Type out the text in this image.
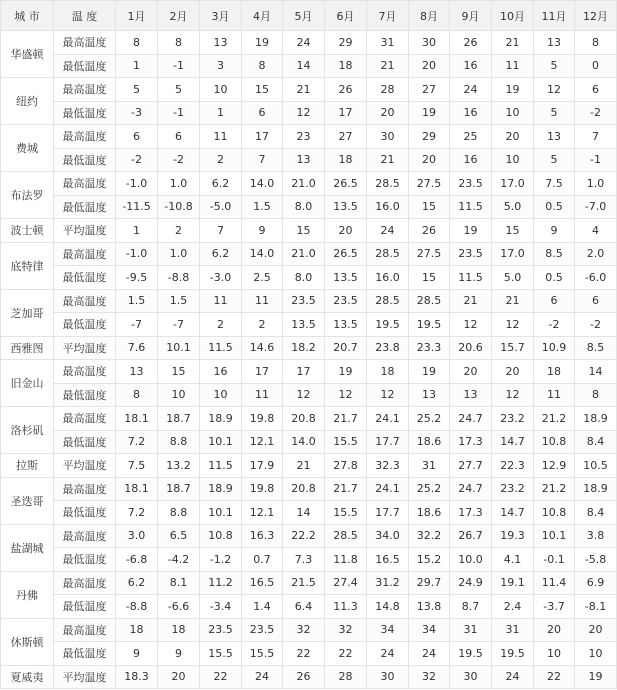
城 市	温 度	1月	2月	3月	4月	5月	6月	7月	8月	9月	10月	11月	12月
华盛顿	最高温度	8	8	13	19	24	29	31	30	26	21	13	8
	最低温度	1	-1	3	8	14	18	21	20	16	11	5	0
纽约	最高温度	5	5	10	15	21	26	28	27	24	19	12	6
	最低温度	-3	-1	1	6	12	17	20	19	16	10	5	-2
费城	最高温度	6	6	11	17	23	27	30	29	25	20	13	7
	最低温度	-2	-2	2	7	13	18	21	20	16	10	5	-1
布法罗	最高温度	-1.0	1.0	6.2	14.0	21.0	26.5	28.5	27.5	23.5	17.0	7.5	1.0
	最低温度	-11.5	-10.8	-5.0	1.5	8.0	13.5	16.0	15	11.5	5.0	0.5	-7.0
波士顿	平均温度	1	2	7	9	15	20	24	26	19	15	9	4
底特律	最高温度	-1.0	1.0	6.2	14.0	21.0	26.5	28.5	27.5	23.5	17.0	8.5	2.0
	最低温度	-9.5	-8.8	-3.0	2.5	8.0	13.5	16.0	15	11.5	5.0	0.5	-6.0
芝加哥	最高温度	1.5	1.5	11	11	23.5	23.5	28.5	28.5	21	21	6	6
	最低温度	-7	-7	2	2	13.5	13.5	19.5	19.5	12	12	-2	-2
西雅图	平均温度	7.6	10.1	11.5	14.6	18.2	20.7	23.8	23.3	20.6	15.7	10.9	8.5
旧金山	最高温度	13	15	16	17	17	19	18	19	20	20	18	14
	最低温度	8	10	10	11	12	12	12	13	13	12	11	8
洛杉矶	最高温度	18.1	18.7	18.9	19.8	20.8	21.7	24.1	25.2	24.7	23.2	21.2	18.9
	最低温度	7.2	8.8	10.1	12.1	14.0	15.5	17.7	18.6	17.3	14.7	10.8	8.4
拉斯	平均温度	7.5	13.2	11.5	17.9	21	27.8	32.3	31	27.7	22.3	12.9	10.5
圣迭哥	最高温度	18.1	18.7	18.9	19.8	20.8	21.7	24.1	25.2	24.7	23.2	21.2	18.9
	最低温度	7.2	8.8	10.1	12.1	14	15.5	17.7	18.6	17.3	14.7	10.8	8.4
盐湖城	最高温度	3.0	6.5	10.8	16.3	22.2	28.5	34.0	32.2	26.7	19.3	10.1	3.8
	最低温度	-6.8	-4.2	-1.2	0.7	7.3	11.8	16.5	15.2	10.0	4.1	-0.1	-5.8
丹佛	最高温度	6.2	8.1	11.2	16.5	21.5	27.4	31.2	29.7	24.9	19.1	11.4	6.9
	最低温度	-8.8	-6.6	-3.4	1.4	6.4	11.3	14.8	13.8	8.7	2.4	-3.7	-8.1
休斯顿	最高温度	18	18	23.5	23.5	32	32	34	34	31	31	20	20
	最低温度	9	9	15.5	15.5	22	22	24	24	19.5	19.5	10	10
夏威夷	平均温度	18.3	20	22	24	26	28	30	32	30	24	22	19
